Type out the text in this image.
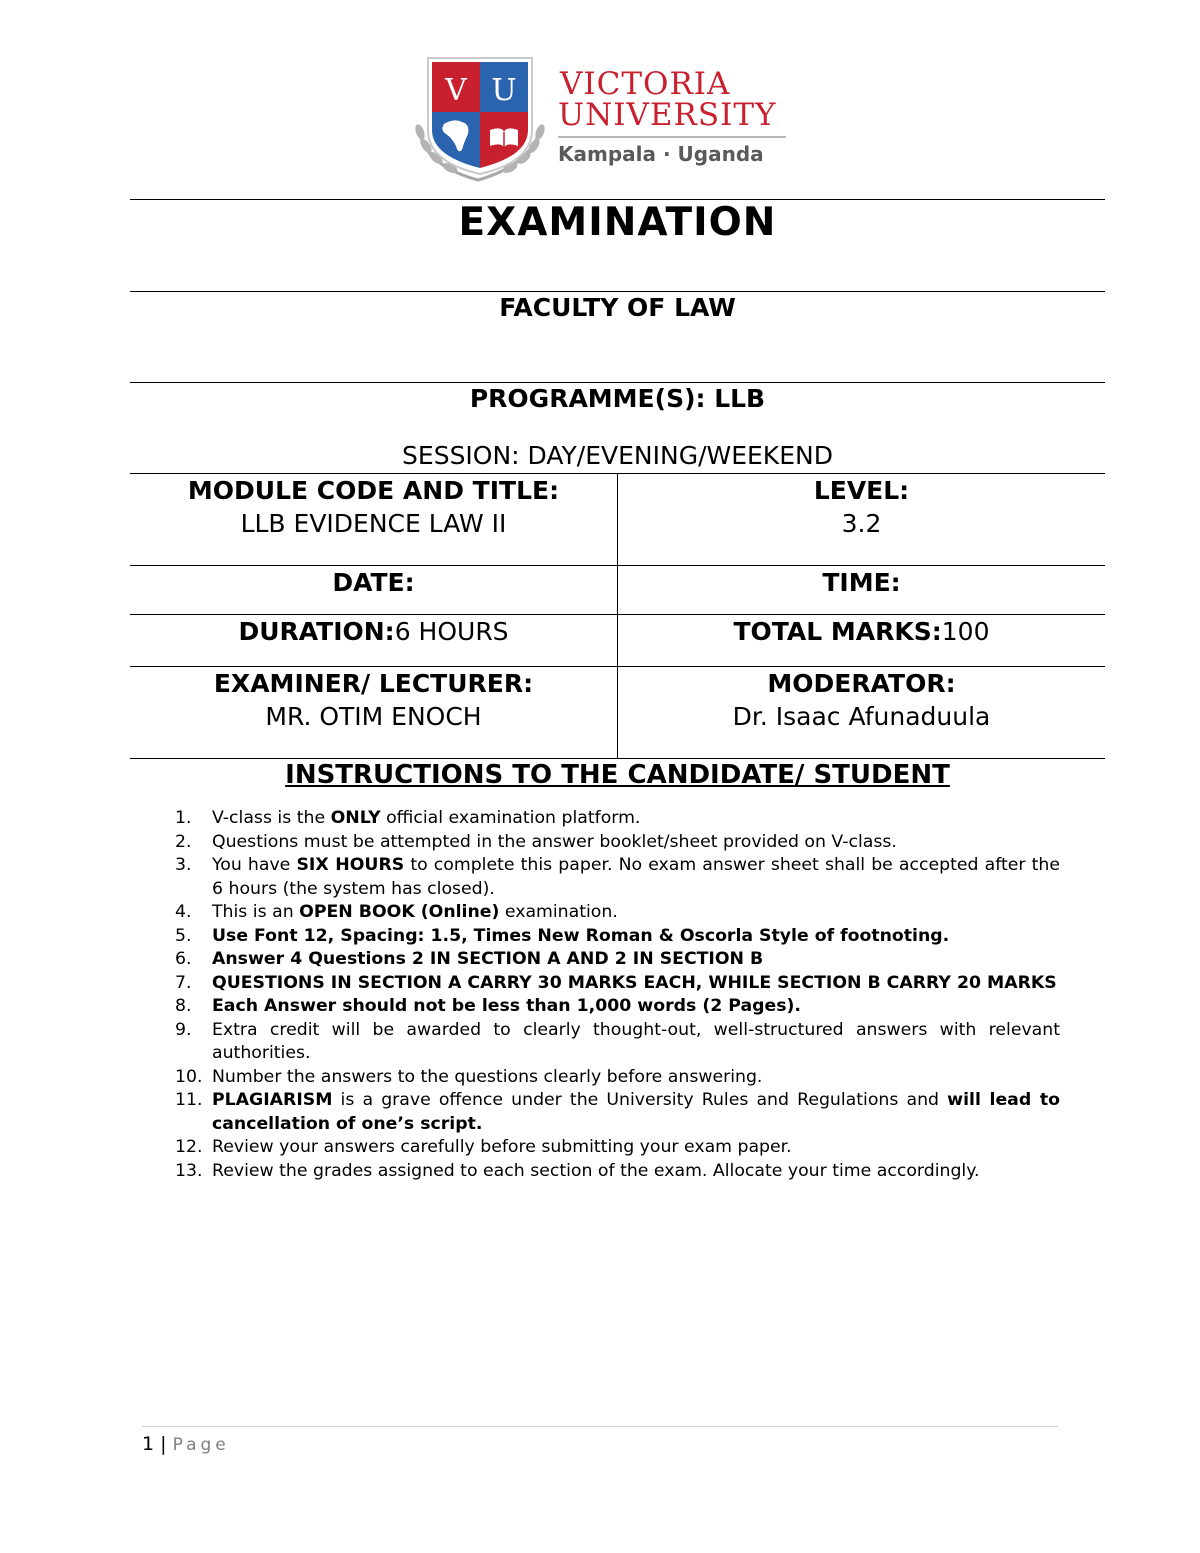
V U VICTORIA
UNIVERSITY
Kampala · Uganda
EXAMINATION
FACULTY OF LAW
PROGRAMME(S): LLB
SESSION: DAY/EVENING/WEEKEND
MODULE CODE AND TITLE:
LLB EVIDENCE LAW II
LEVEL:
3.2
DATE:	TIME:
DURATION:6 HOURS	TOTAL MARKS:100
EXAMINER/ LECTURER:
MR. OTIM ENOCH
MODERATOR:
Dr. Isaac Afunaduula
INSTRUCTIONS TO THE CANDIDATE/ STUDENT
1. V-class is the ONLY official examination platform.
2. Questions must be attempted in the answer booklet/sheet provided on V-class.
3. You have SIX HOURS to complete this paper. No exam answer sheet shall be accepted after the 6 hours (the system has closed).
4. This is an OPEN BOOK (Online) examination.
5. Use Font 12, Spacing: 1.5, Times New Roman & Oscorla Style of footnoting.
6. Answer 4 Questions 2 IN SECTION A AND 2 IN SECTION B
7. QUESTIONS IN SECTION A CARRY 30 MARKS EACH, WHILE SECTION B CARRY 20 MARKS
8. Each Answer should not be less than 1,000 words (2 Pages).
9. Extra credit will be awarded to clearly thought-out, well-structured answers with relevant authorities.
10. Number the answers to the questions clearly before answering.
11. PLAGIARISM is a grave offence under the University Rules and Regulations and will lead to cancellation of one’s script.
12. Review your answers carefully before submitting your exam paper.
13. Review the grades assigned to each section of the exam. Allocate your time accordingly.
1 | Page
